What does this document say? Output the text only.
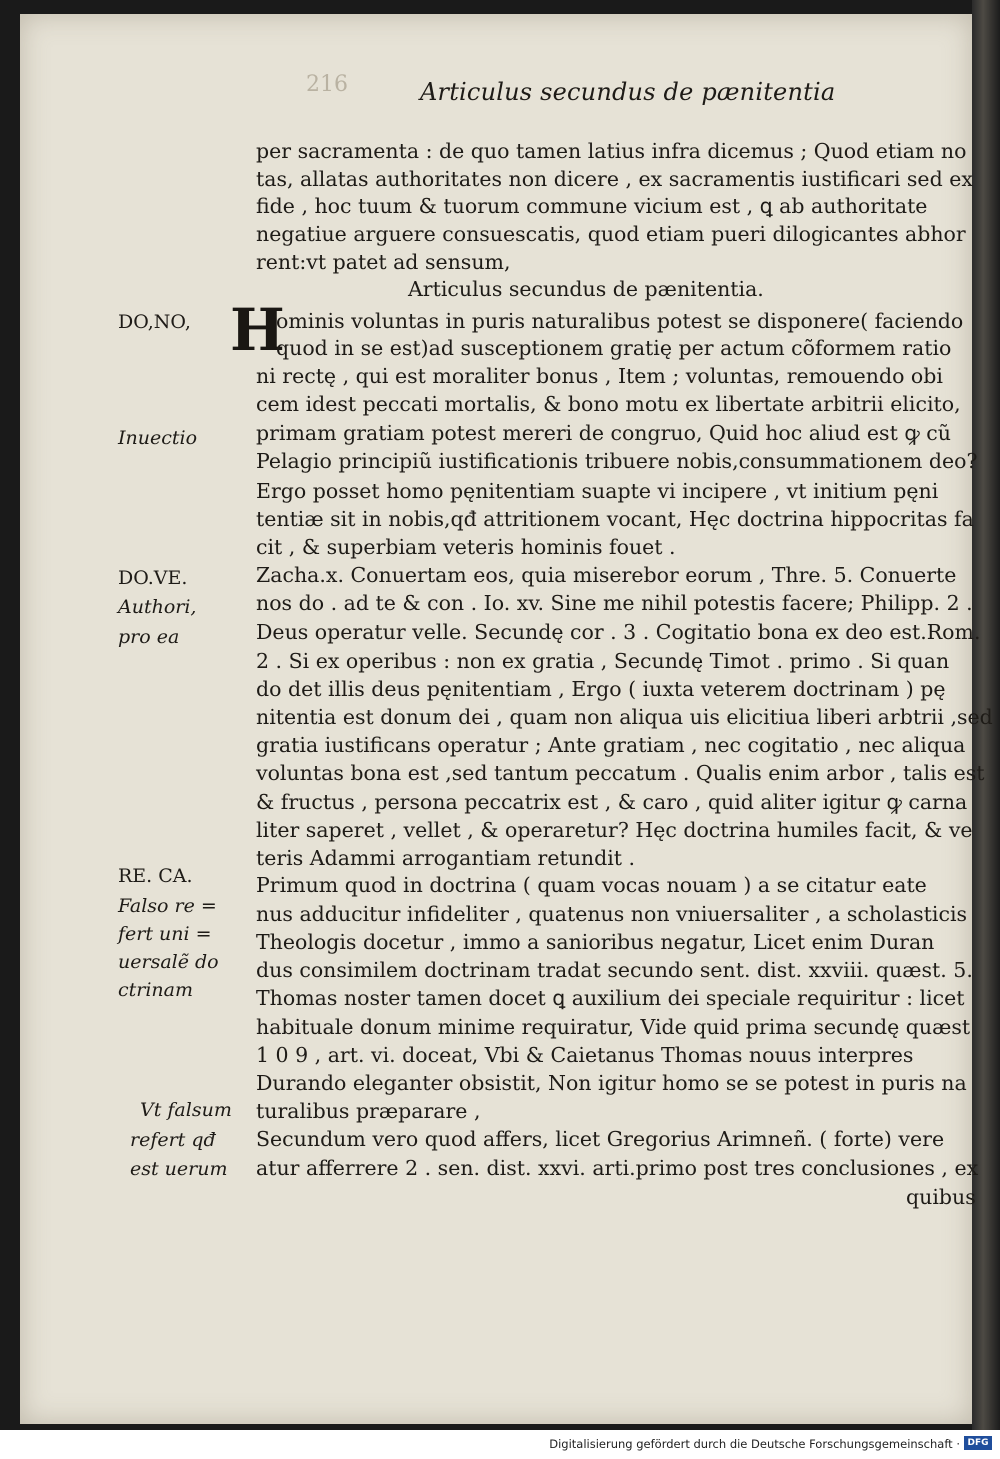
216	Articulus secundus de pænitentia
per sacramenta : de quo tamen latius infra dicemus ; Quod etiam no
tas, allatas authoritates non dicere , ex sacramentis iustificari sed ex
fide , hoc tuum & tuorum commune vicium est , ꝗ ab authoritate
negatiue arguere consuescatis, quod etiam pueri dilogicantes abhor
rent:vt patet ad sensum,
Articulus secundus de pænitentia.
H
ominis voluntas in puris naturalibus potest se disponere( faciendo
quod in se est)ad susceptionem gratię per actum cõformem ratio
ni rectę , qui est moraliter bonus , Item ; voluntas, remouendo obi
cem idest peccati mortalis, & bono motu ex libertate arbitrii elicito,
primam gratiam potest mereri de congruo, Quid hoc aliud est ꝙ cũ
Pelagio principiũ iustificationis tribuere nobis,consummationem deo?
Ergo posset homo pęnitentiam suapte vi incipere , vt initium pęni
tentiæ sit in nobis,qđ attritionem vocant, Hęc doctrina hippocritas fa
cit , & superbiam veteris hominis fouet .
Zacha.x. Conuertam eos, quia miserebor eorum , Thre. 5. Conuerte
nos do . ad te & con . Io. xv. Sine me nihil potestis facere; Philipp. 2 .
Deus operatur velle. Secundę cor . 3 . Cogitatio bona ex deo est.Rom.
2 . Si ex operibus : non ex gratia , Secundę Timot . primo . Si quan
do det illis deus pęnitentiam , Ergo ( iuxta veterem doctrinam ) pę
nitentia est donum dei , quam non aliqua uis elicitiua liberi arbtrii ,sed
gratia iustificans operatur ; Ante gratiam , nec cogitatio , nec aliqua
voluntas bona est ,sed tantum peccatum . Qualis enim arbor , talis est
& fructus , persona peccatrix est , & caro , quid aliter igitur ꝙ carna
liter saperet , vellet , & operaretur? Hęc doctrina humiles facit, & ve
teris Adammi arrogantiam retundit .
Primum quod in doctrina ( quam vocas nouam ) a se citatur eate
nus adducitur infideliter , quatenus non vniuersaliter , a scholasticis
Theologis docetur , immo a sanioribus negatur, Licet enim Duran
dus consimilem doctrinam tradat secundo sent. dist. xxviii. quæst. 5.
Thomas noster tamen docet ꝗ auxilium dei speciale requiritur : licet
habituale donum minime requiratur, Vide quid prima secundę quæst
1 0 9 , art. vi. doceat, Vbi & Caietanus Thomas nouus interpres
Durando eleganter obsistit, Non igitur homo se se potest in puris na
turalibus præparare ,
Secundum vero quod affers, licet Gregorius Arimneñ. ( forte) vere
atur afferrere 2 . sen. dist. xxvi. arti.primo post tres conclusiones , ex
quibus
DO,NO,
Inuectio
DO.VE.
Authori,
pro ea
RE. CA.
Falso re =
fert uni =
uersalẽ do
ctrinam
Vt falsum
refert qđ
est uerum
Digitalisierung gefördert durch die Deutsche Forschungsgemeinschaft · DFG
